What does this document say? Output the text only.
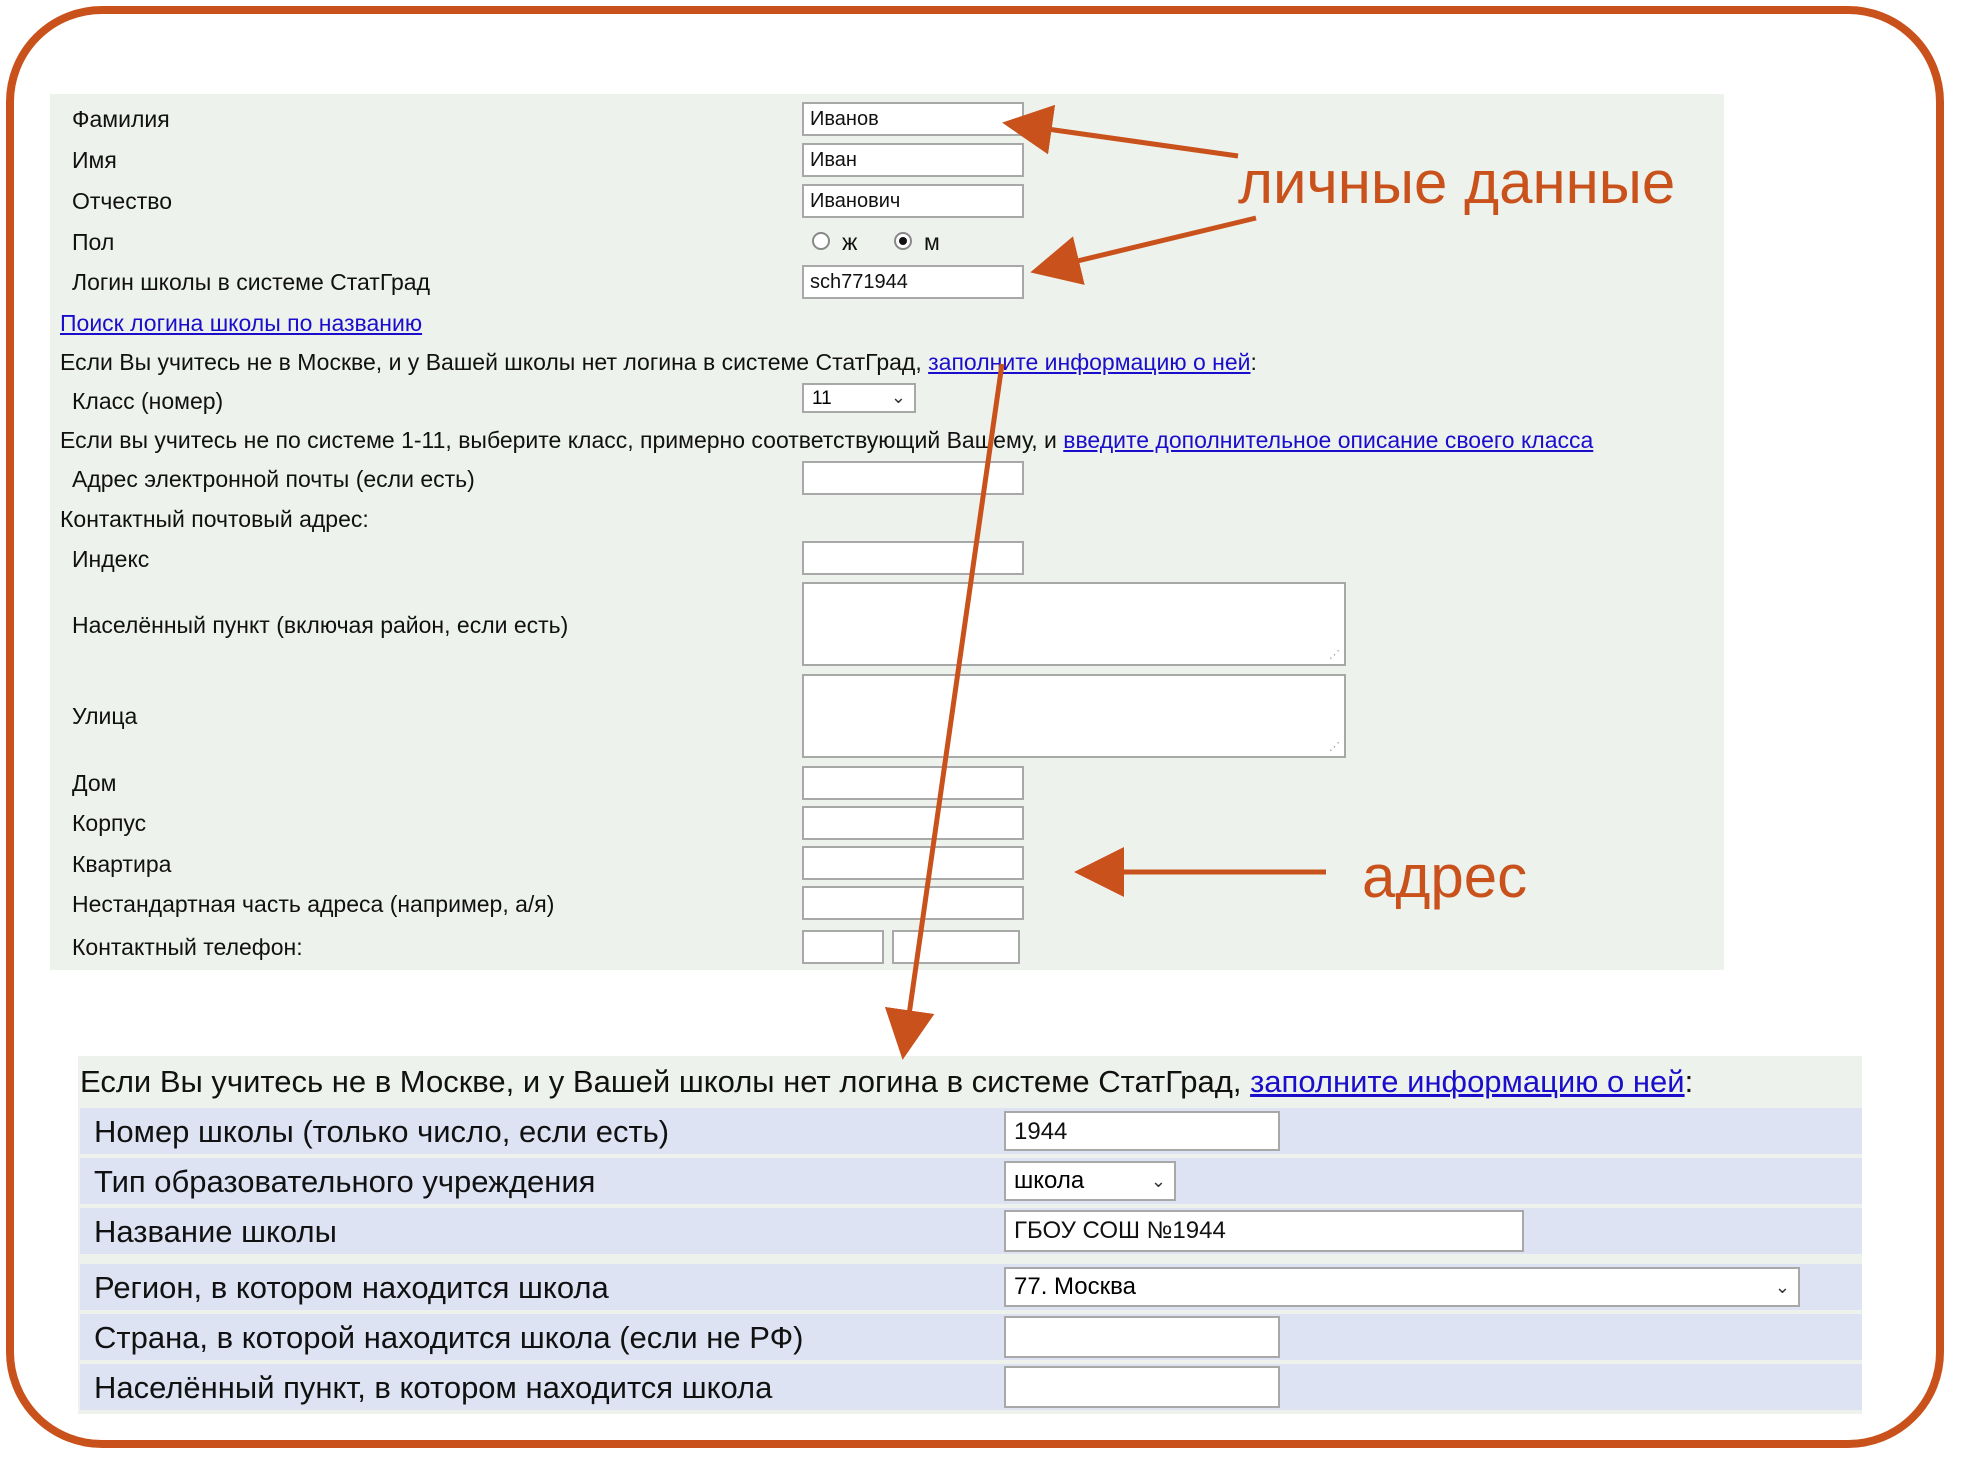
Фамилия	Иванов
Имя	Иван
Отчество	Иванович
Пол	ж	м
Логин школы в системе СтатГрад	sch771944
Поиск логина школы по названию
Если Вы учитесь не в Москве, и у Вашей школы нет логина в системе СтатГрад, заполните информацию о ней:
Класс (номер)	11	⌄
Если вы учитесь не по системе 1-11, выберите класс, примерно соответствующий Вашему, и введите дополнительное описание своего класса
Адрес электронной почты (если есть)
Контактный почтовый адрес:
Индекс
Населённый пункт (включая район, если есть)
⋰
Улица
⋰
Дом
Корпус
Квартира
Нестандартная часть адреса (например, а/я)
Контактный телефон:
Если Вы учитесь не в Москве, и у Вашей школы нет логина в системе СтатГрад, заполните информацию о ней:
Номер школы (только число, если есть)	1944
Тип образовательного учреждения	школа	⌄
Название школы	ГБОУ СОШ №1944
Регион, в котором находится школа	77. Москва	⌄
Страна, в которой находится школа (если не РФ)
Населённый пункт, в котором находится школа
личные данные
адрес
